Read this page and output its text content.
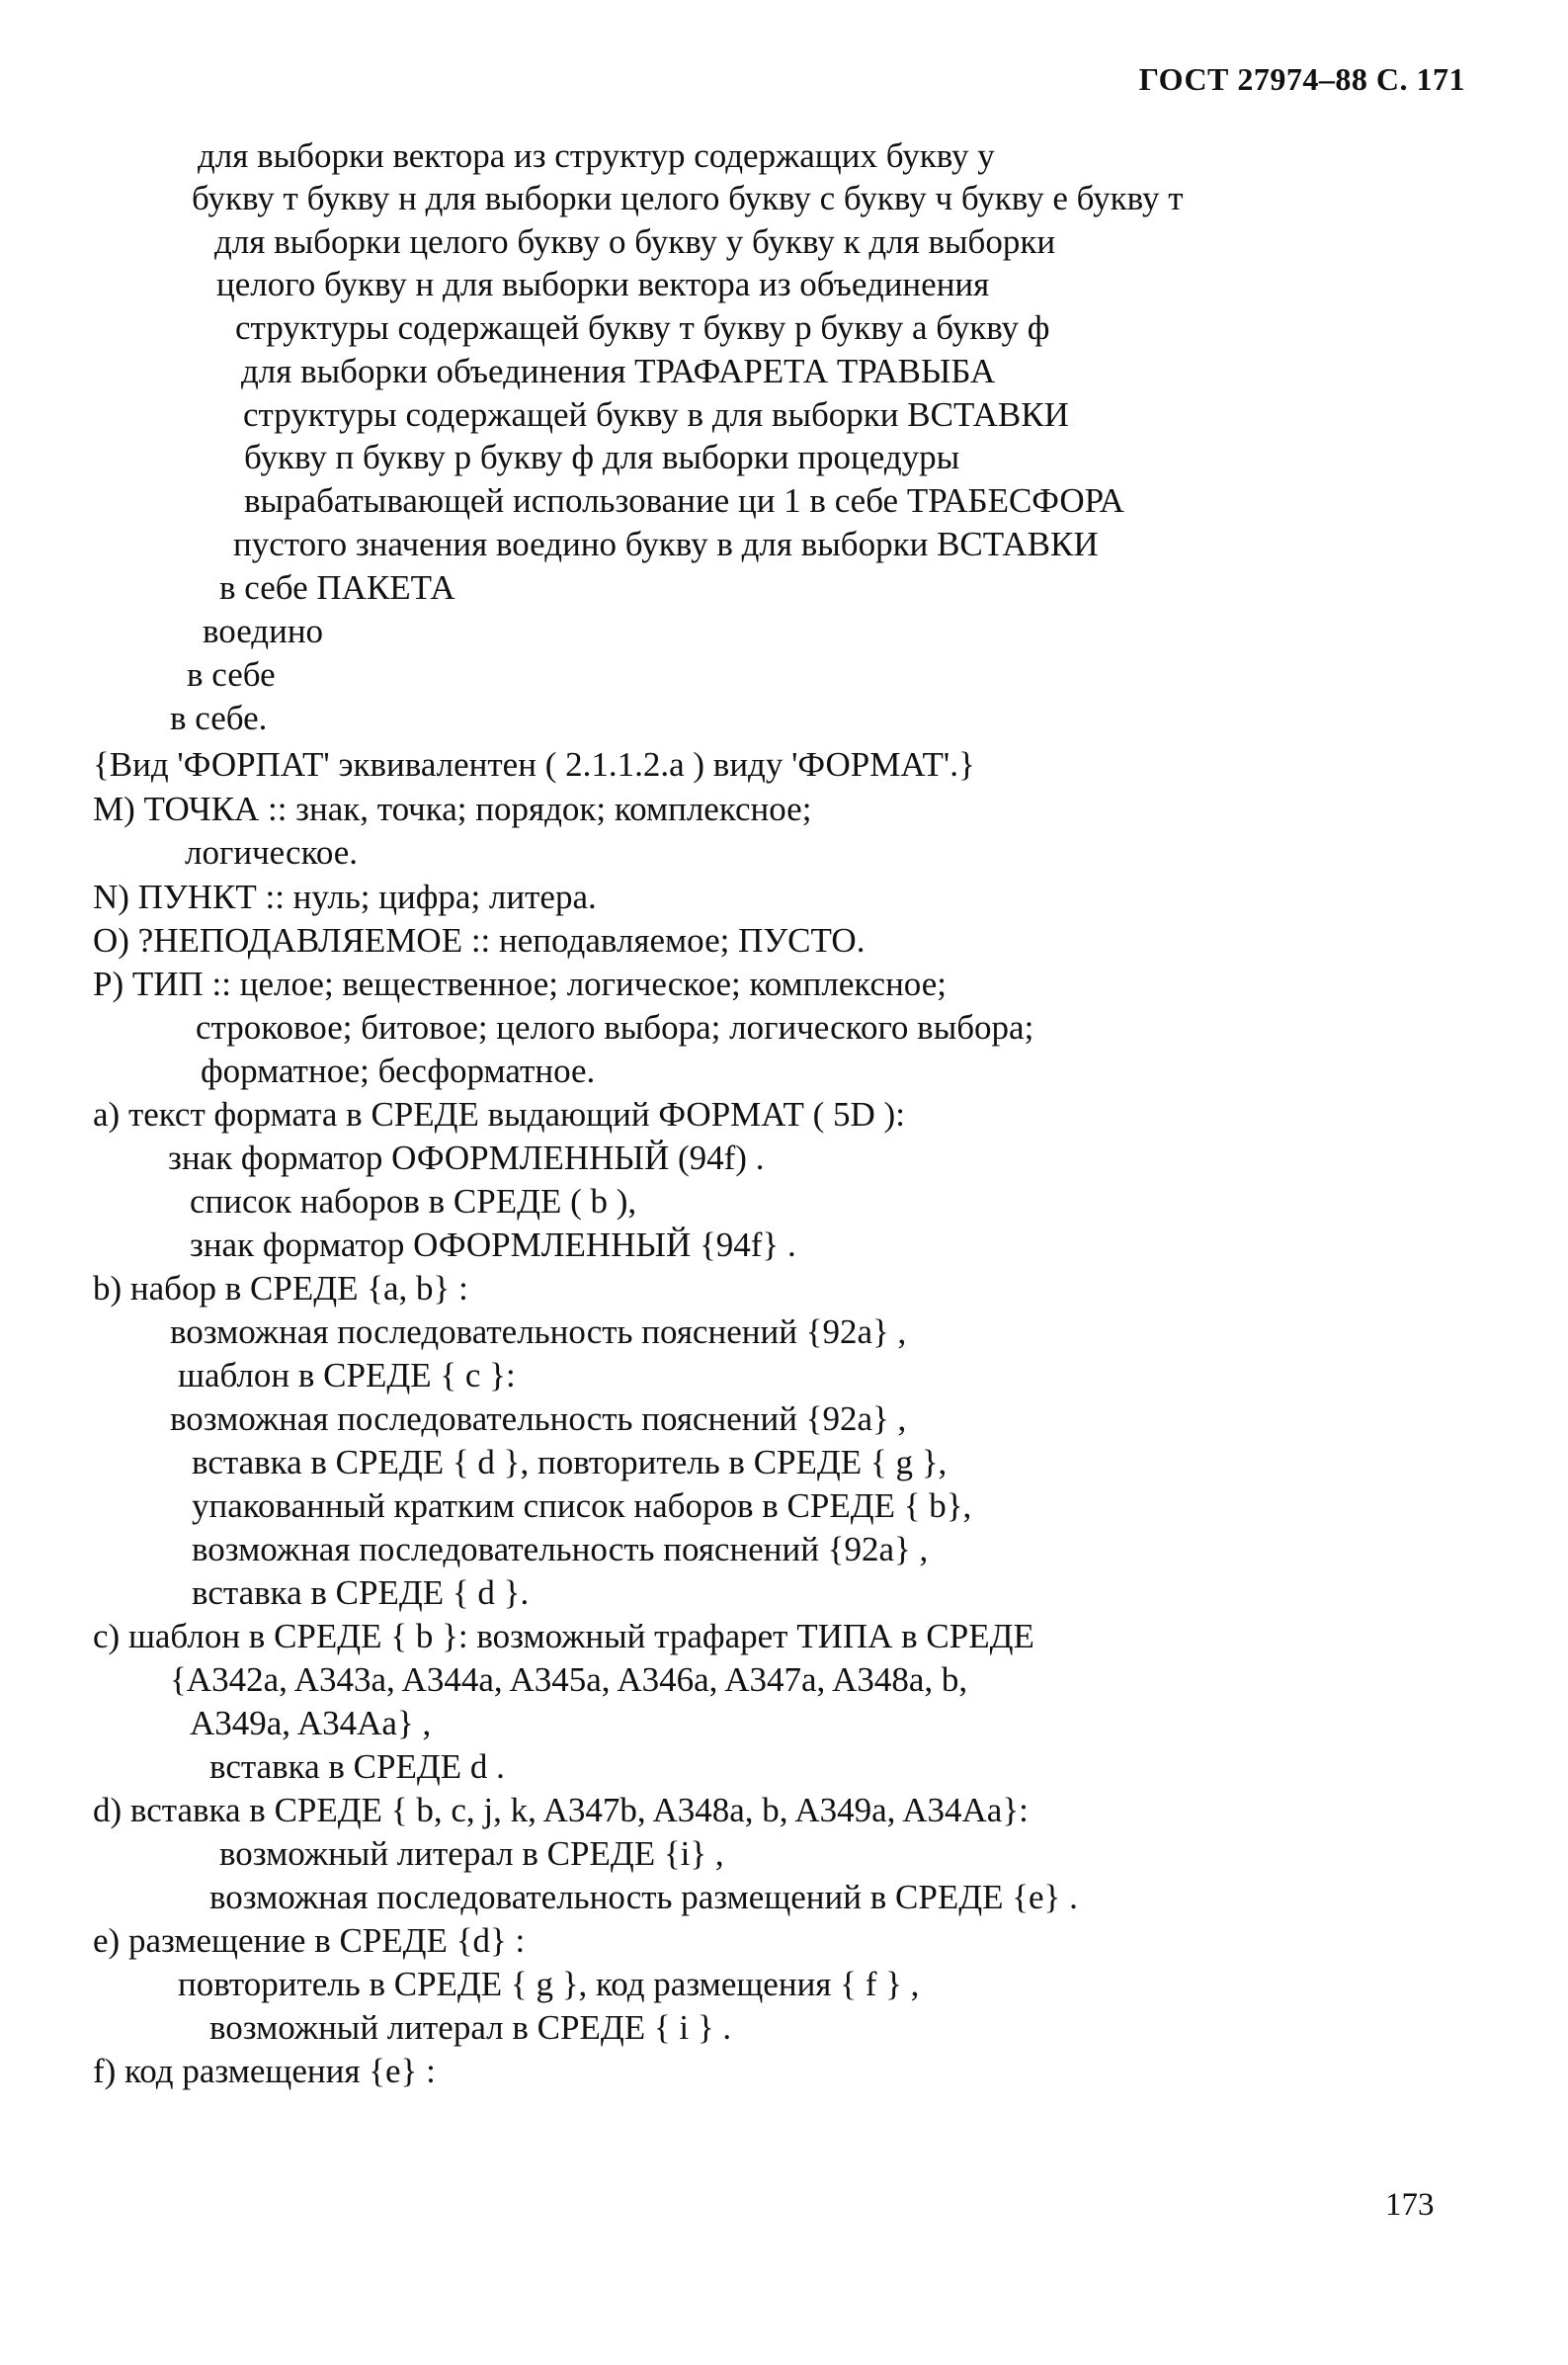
ГОСТ 27974–88 С. 171
для выборки вектора из структур содержащих букву у
букву т букву н для выборки целого букву с букву ч букву е букву т
для выборки целого букву о букву у букву к для выборки
целого букву н для выборки вектора из объединения
структуры содержащей букву т букву р букву а букву ф
для выборки объединения ТРАФАРЕТА ТРАВЫБА
структуры содержащей букву в для выборки ВСТАВКИ
букву п букву р букву ф для выборки процедуры
вырабатывающей использование ци 1 в себе ТРАБЕСФОРА
пустого значения воедино букву в для выборки ВСТАВКИ
в себе ПАКЕТА
воедино
в себе
в себе.
{Вид 'ФОРПАТ' эквивалентен ( 2.1.1.2.а ) виду 'ФОРМАТ'.}
M) ТОЧКА :: знак, точка; порядок; комплексное;
логическое.
N) ПУНКТ :: нуль; цифра; литера.
O) ?НЕПОДАВЛЯЕМОЕ :: неподавляемое; ПУСТО.
P) ТИП :: целое; вещественное; логическое; комплексное;
строковое; битовое; целого выбора; логического выбора;
форматное; бесформатное.
a) текст формата в СРЕДЕ выдающий ФОРМАТ ( 5D ):
знак форматор ОФОРМЛЕННЫЙ (94f) .
список наборов в СРЕДЕ ( b ),
знак форматор ОФОРМЛЕННЫЙ {94f} .
b) набор в СРЕДЕ {a, b} :
возможная последовательность пояснений {92a} ,
шаблон в СРЕДЕ { c }:
возможная последовательность пояснений {92a} ,
вставка в СРЕДЕ { d }, повторитель в СРЕДЕ { g },
упакованный кратким список наборов в СРЕДЕ { b},
возможная последовательность пояснений {92a} ,
вставка в СРЕДЕ { d }.
c) шаблон в СРЕДЕ { b }: возможный трафарет ТИПА в СРЕДЕ
{A342a, A343a, A344a, A345a, A346a, A347a, A348a, b,
A349a, A34Aa} ,
вставка в СРЕДЕ d .
d) вставка в СРЕДЕ { b, c, j, k, A347b, A348a, b, A349a, A34Aa}:
возможный литерал в СРЕДЕ {i} ,
возможная последовательность размещений в СРЕДЕ {e} .
e) размещение в СРЕДЕ {d} :
повторитель в СРЕДЕ { g }, код размещения { f } ,
возможный литерал в СРЕДЕ { i } .
f) код размещения {e} :
173
